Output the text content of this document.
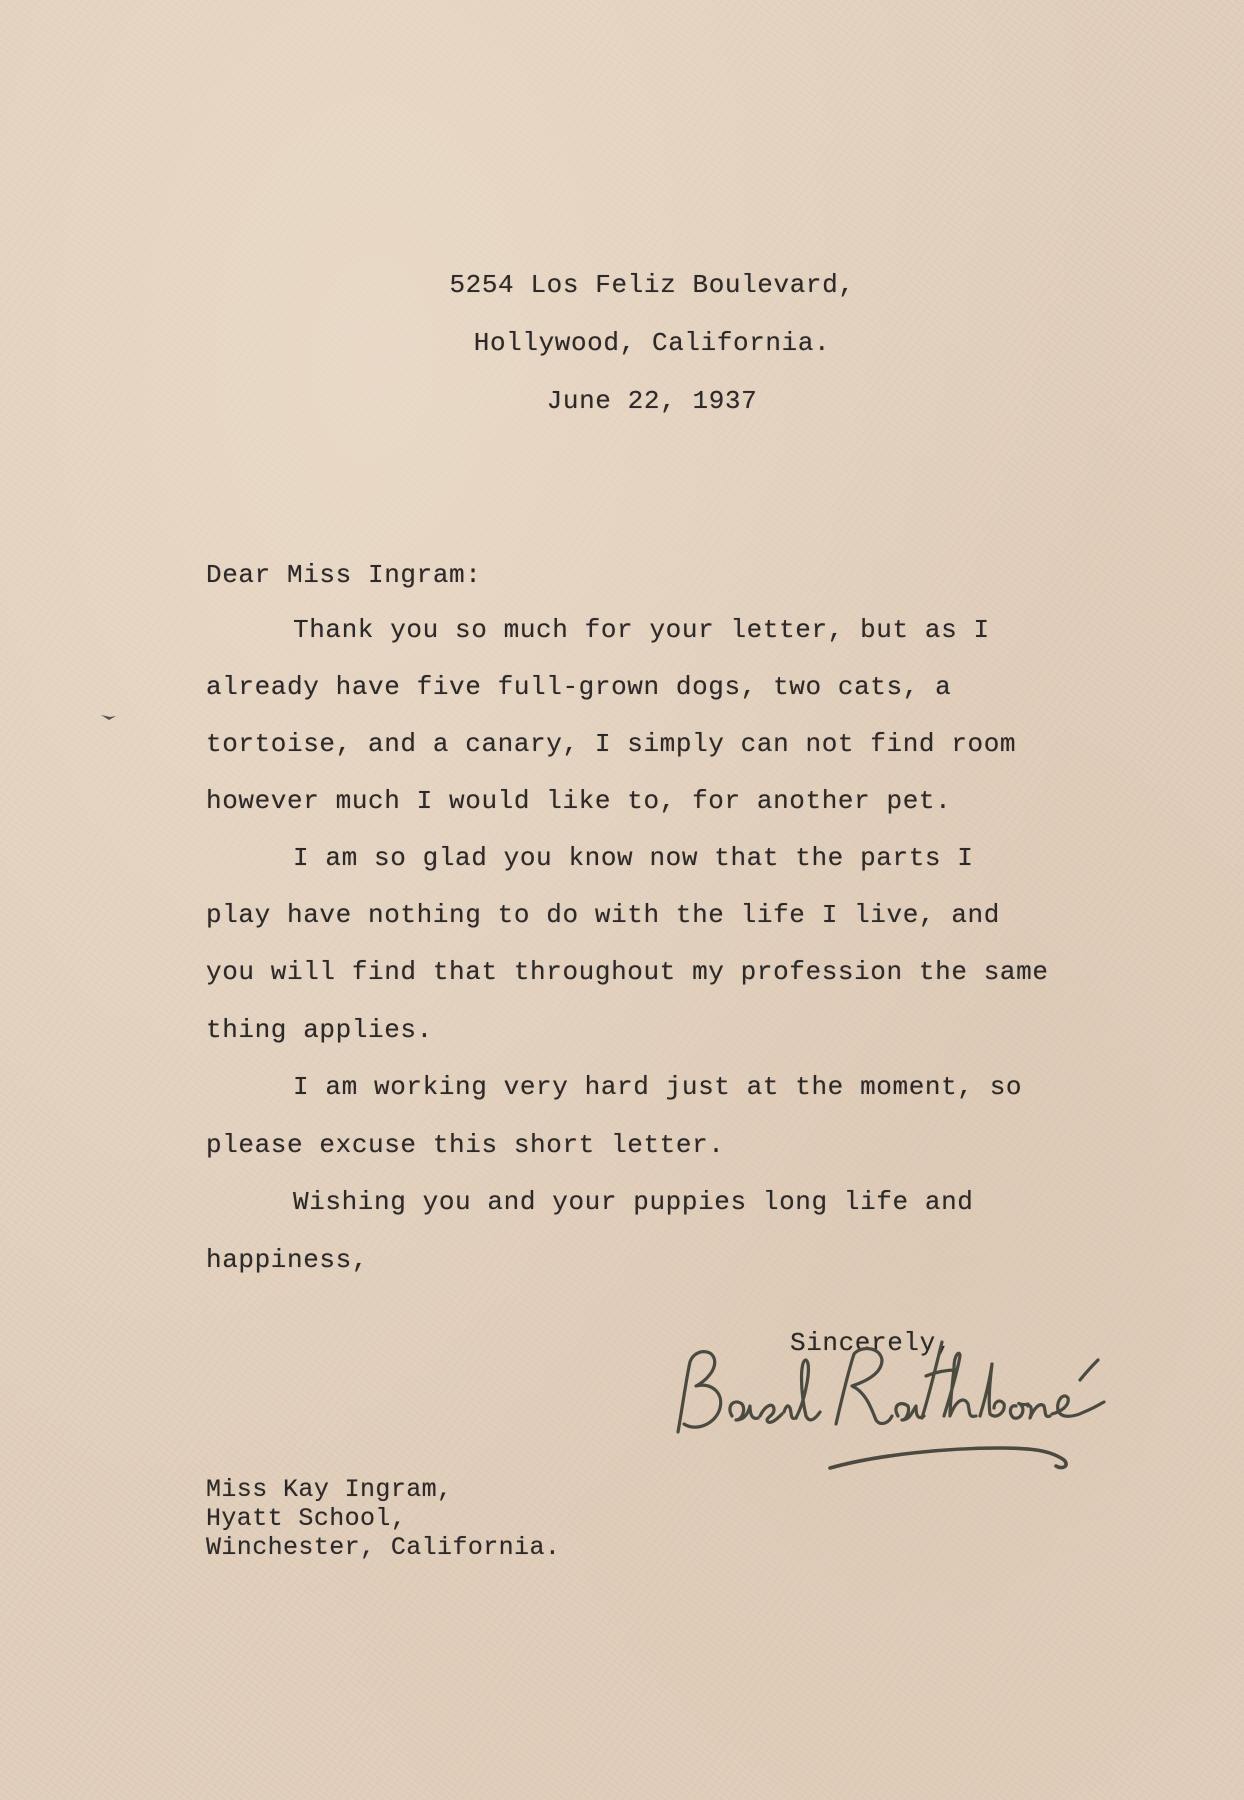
5254 Los Feliz Boulevard,
Hollywood, California.
June 22, 1937
Dear Miss Ingram:
Thank you so much for your letter, but as I
already have five full-grown dogs, two cats, a
tortoise, and a canary, I simply can not find room
however much I would like to, for another pet.
I am so glad you know now that the parts I
play have nothing to do with the life I live, and
you will find that throughout my profession the same
thing applies.
I am working very hard just at the moment, so
please excuse this short letter.
Wishing you and your puppies long life and
happiness,
Sincerely,
Miss Kay Ingram,
Hyatt School,
Winchester, California.
